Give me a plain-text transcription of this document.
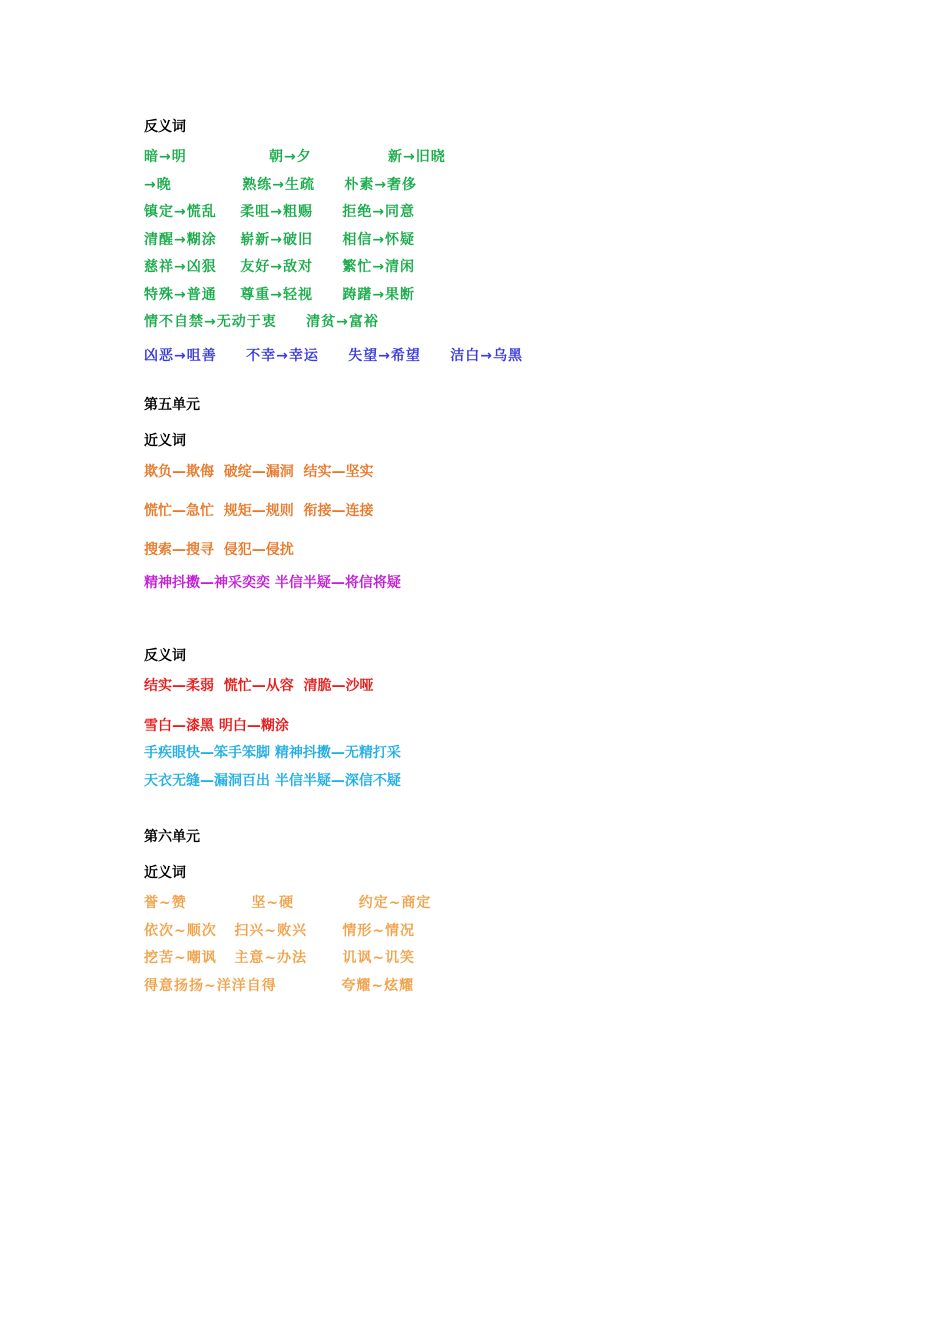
反义词
暗→明              朝→夕             新→旧晓
→晚            熟练→生疏     朴素→奢侈
镇定→慌乱    柔咀→粗赐     拒绝→同意
清醒→糊涂    崭新→破旧     相信→怀疑
慈祥→凶狠    友好→敌对     繁忙→清闲
特殊→普通    尊重→轻视     踌躇→果断
情不自禁→无动于衷     清贫→富裕
凶恶→咀善     不幸→幸运     失望→希望     洁白→乌黑
第五单元
近义词
欺负—欺侮  破绽—漏洞  结实—坚实
慌忙—急忙  规矩—规则  衔接—连接
搜索—搜寻  侵犯—侵扰
精神抖擞—神采奕奕 半信半疑—将信将疑
反义词
结实—柔弱  慌忙—从容  清脆—沙哑
雪白—漆黑 明白—糊涂
手疾眼快—笨手笨脚 精神抖擞—无精打采
天衣无缝—漏洞百出 半信半疑—深信不疑
第六单元
近义词
誉~赞           坚~硬           约定~商定
依次~顺次   扫兴~败兴      情形~情况
挖苦~嘲讽   主意~办法      讥讽~讥笑
得意扬扬~洋洋自得           夸耀~炫耀
